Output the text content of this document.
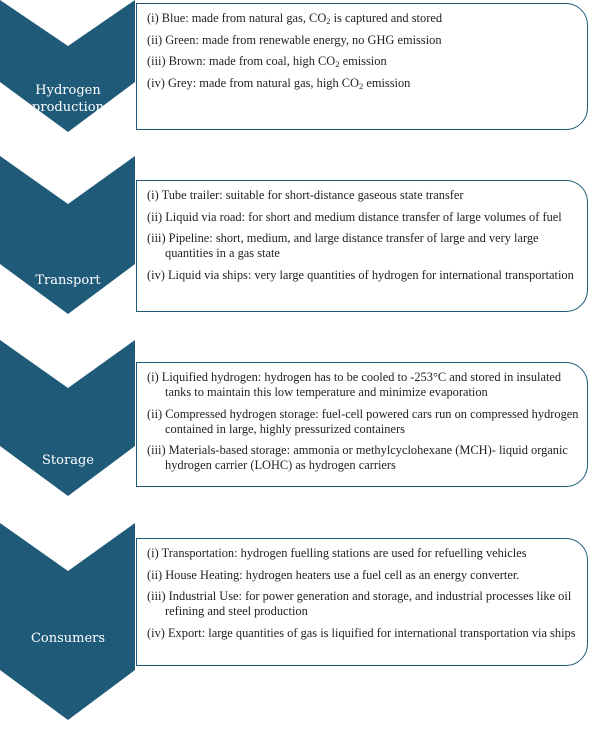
Hydrogen
production
(i) Blue: made from natural gas, $CO_2$ is captured and stored
(ii) Green: made from renewable energy, no GHG emission
(iii) Brown: made from coal, high $CO_2$ emission
(iv) Grey: made from natural gas, high $CO_2$ emission
Transport
(i) Tube trailer: suitable for short-distance gaseous state transfer
(ii) Liquid via road: for short and medium distance transfer of large volumes of fuel
(iii) Pipeline: short, medium, and large distance transfer of large and very large quantities in a gas state
(iv) Liquid via ships: very large quantities of hydrogen for international transportation
Storage
(i) Liquified hydrogen: hydrogen has to be cooled to -253°C and stored in insulated tanks to maintain this low temperature and minimize evaporation
(ii) Compressed hydrogen storage: fuel-cell powered cars run on compressed hydrogen contained in large, highly pressurized containers
(iii) Materials-based storage: ammonia or methylcyclohexane (MCH)- liquid organic hydrogen carrier (LOHC) as hydrogen carriers
Consumers
(i) Transportation: hydrogen fuelling stations are used for refuelling vehicles
(ii) House Heating: hydrogen heaters use a fuel cell as an energy converter.
(iii) Industrial Use: for power generation and storage, and industrial processes like oil refining and steel production
(iv) Export: large quantities of gas is liquified for international transportation via ships
